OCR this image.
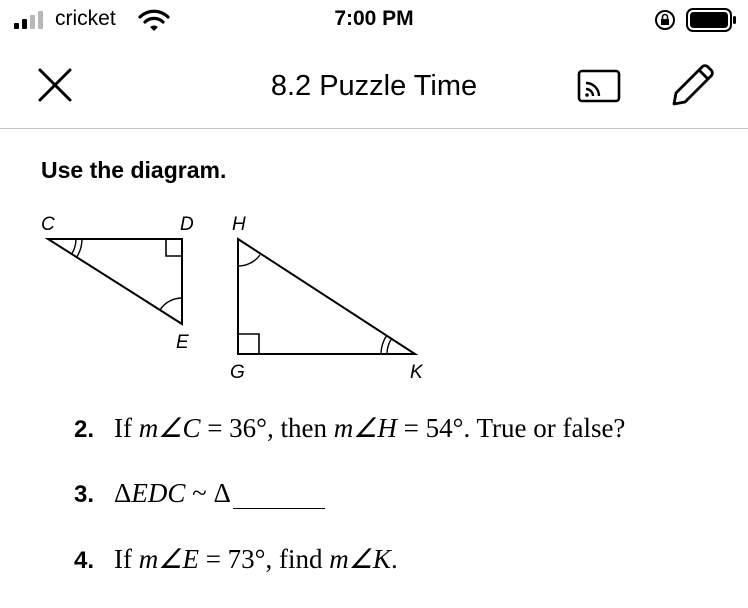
cricket	7:00 PM
8.2 Puzzle Time
Use the diagram.
C	D
E
H
G	K
2. If m∠C = 36°, then m∠H = 54°. True or false?
3. ΔEDC ~ Δ
4. If m∠E = 73°, find m∠K.
